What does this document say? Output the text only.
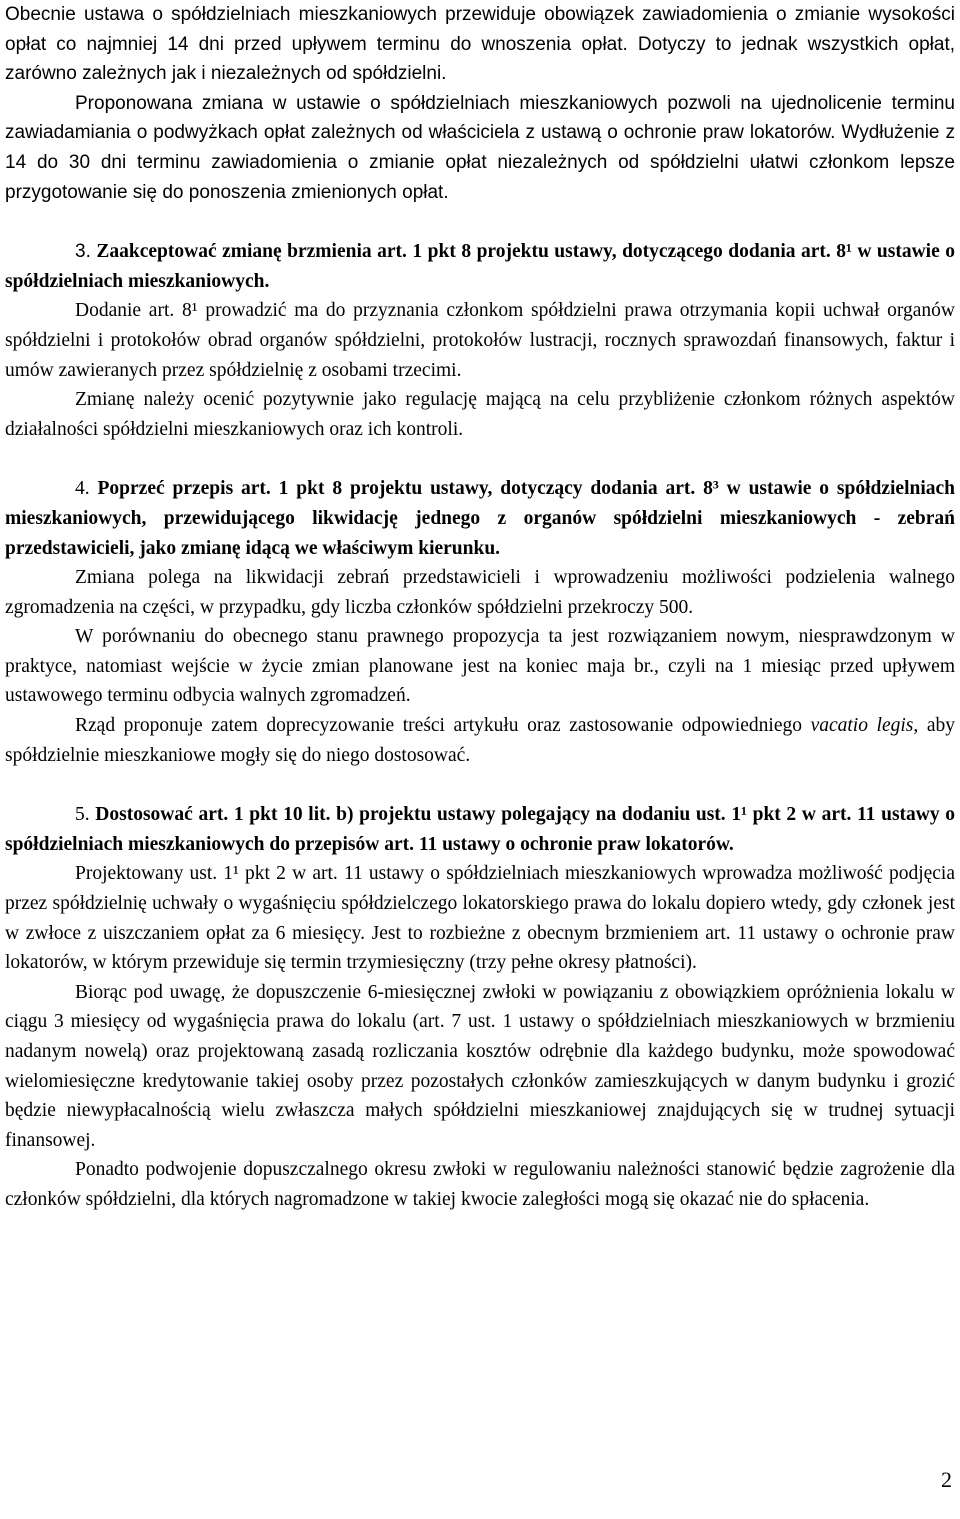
Obecnie ustawa o spółdzielniach mieszkaniowych przewiduje obowiązek zawiadomienia o zmianie wysokości opłat co najmniej 14 dni przed upływem terminu do wnoszenia opłat. Dotyczy to jednak wszystkich opłat, zarówno zależnych jak i niezależnych od spółdzielni.

Proponowana zmiana w ustawie o spółdzielniach mieszkaniowych pozwoli na ujednolicenie terminu zawiadamiania o podwyżkach opłat zależnych od właściciela z ustawą o ochronie praw lokatorów. Wydłużenie z 14 do 30 dni terminu zawiadomienia o zmianie opłat niezależnych od spółdzielni ułatwi członkom lepsze przygotowanie się do ponoszenia zmienionych opłat.

3. Zaakceptować zmianę brzmienia art. 1 pkt 8 projektu ustawy, dotyczącego dodania art. 8¹ w ustawie o spółdzielniach mieszkaniowych.

Dodanie art. 8¹ prowadzić ma do przyznania członkom spółdzielni prawa otrzymania kopii uchwał organów spółdzielni i protokołów obrad organów spółdzielni, protokołów lustracji, rocznych sprawozdań finansowych, faktur i umów zawieranych przez spółdzielnię z osobami trzecimi.

Zmianę należy ocenić pozytywnie jako regulację mającą na celu przybliżenie członkom różnych aspektów działalności spółdzielni mieszkaniowych oraz ich kontroli.

4. Poprzeć przepis art. 1 pkt 8 projektu ustawy, dotyczący dodania art. 8³ w ustawie o spółdzielniach mieszkaniowych, przewidującego likwidację jednego z organów spółdzielni mieszkaniowych - zebrań przedstawicieli, jako zmianę idącą we właściwym kierunku.

Zmiana polega na likwidacji zebrań przedstawicieli i wprowadzeniu możliwości podzielenia walnego zgromadzenia na części, w przypadku, gdy liczba członków spółdzielni przekroczy 500.

W porównaniu do obecnego stanu prawnego propozycja ta jest rozwiązaniem nowym, niesprawdzonym w praktyce, natomiast wejście w życie zmian planowane jest na koniec maja br., czyli na 1 miesiąc przed upływem ustawowego terminu odbycia walnych zgromadzeń.

Rząd proponuje zatem doprecyzowanie treści artykułu oraz zastosowanie odpowiedniego vacatio legis, aby spółdzielnie mieszkaniowe mogły się do niego dostosować.

5. Dostosować art. 1 pkt 10 lit. b) projektu ustawy polegający na dodaniu ust. 1¹ pkt 2 w art. 11 ustawy o spółdzielniach mieszkaniowych do przepisów art. 11 ustawy o ochronie praw lokatorów.

Projektowany ust. 1¹ pkt 2 w art. 11 ustawy o spółdzielniach mieszkaniowych wprowadza możliwość podjęcia przez spółdzielnię uchwały o wygaśnięciu spółdzielczego lokatorskiego prawa do lokalu dopiero wtedy, gdy członek jest w zwłoce z uiszczaniem opłat za 6 miesięcy. Jest to rozbieżne z obecnym brzmieniem art. 11 ustawy o ochronie praw lokatorów, w którym przewiduje się termin trzymiesięczny (trzy pełne okresy płatności).

Biorąc pod uwagę, że dopuszczenie 6-miesięcznej zwłoki w powiązaniu z obowiązkiem opróżnienia lokalu w ciągu 3 miesięcy od wygaśnięcia prawa do lokalu (art. 7 ust. 1 ustawy o spółdzielniach mieszkaniowych w brzmieniu nadanym nowelą) oraz projektowaną zasadą rozliczania kosztów odrębnie dla każdego budynku, może spowodować wielomiesięczne kredytowanie takiej osoby przez pozostałych członków zamieszkujących w danym budynku i grozić będzie niewypłacalnością wielu zwłaszcza małych spółdzielni mieszkaniowej znajdujących się w trudnej sytuacji finansowej.

Ponadto podwojenie dopuszczalnego okresu zwłoki w regulowaniu należności stanowić będzie zagrożenie dla członków spółdzielni, dla których nagromadzone w takiej kwocie zaległości mogą się okazać nie do spłacenia.

2
